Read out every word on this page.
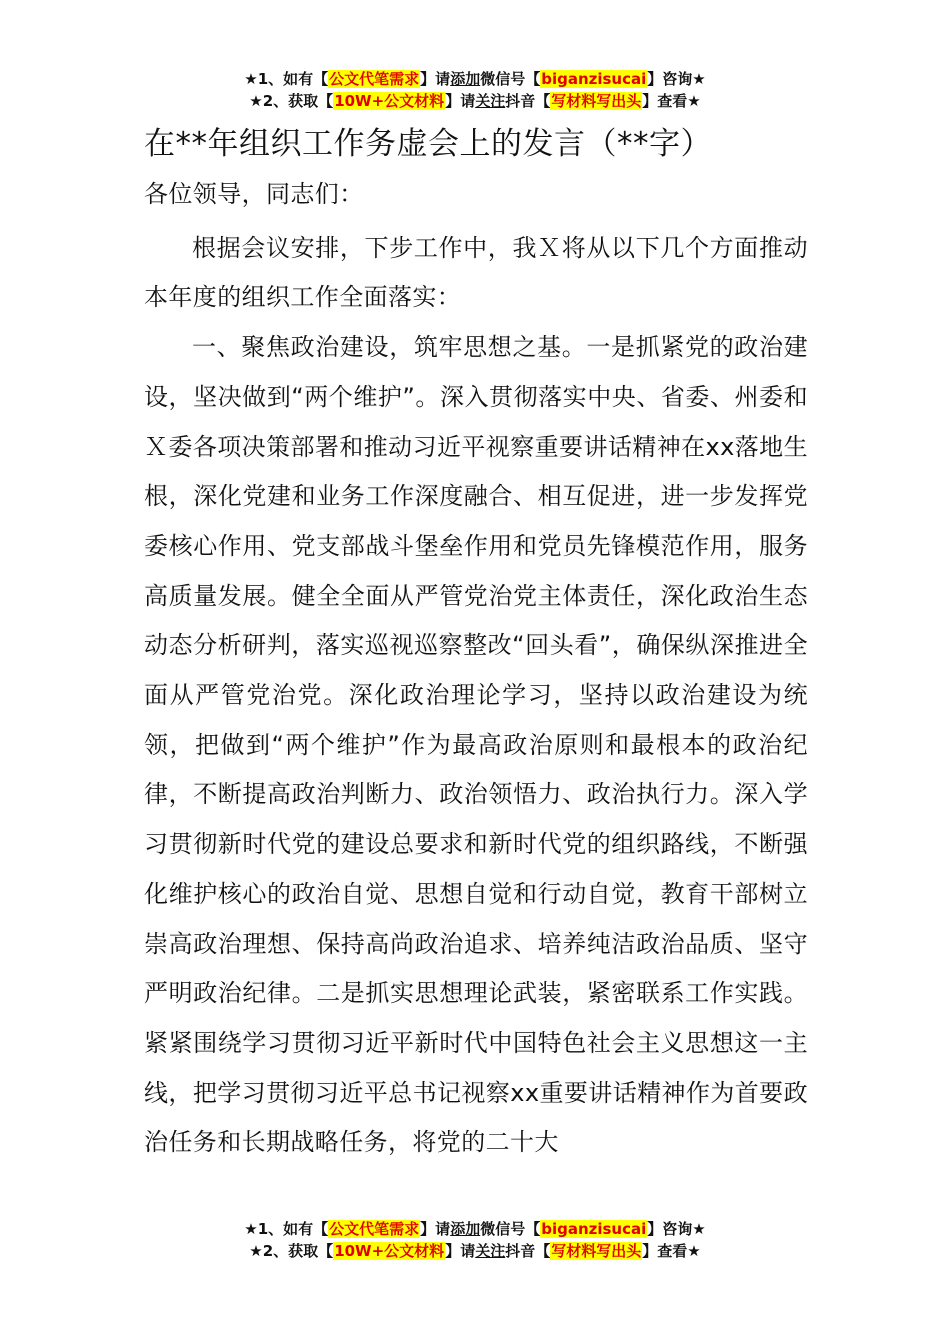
★1、如有【公文代笔需求】请添加微信号【biganzisucai】咨询★
★2、获取【10W+公文材料】请关注抖音【写材料写出头】查看★
在**年组织工作务虚会上的发言（**字）

各位领导，同志们：

根据会议安排，下步工作中，我Ｘ将从以下几个方面推动本年度的组织工作全面落实：

一、聚焦政治建设，筑牢思想之基。一是抓紧党的政治建设，坚决做到“两个维护”。深入贯彻落实中央、省委、州委和Ｘ委各项决策部署和推动习近平视察重要讲话精神在xx落地生根，深化党建和业务工作深度融合、相互促进，进一步发挥党委核心作用、党支部战斗堡垒作用和党员先锋模范作用，服务高质量发展。健全全面从严管党治党主体责任，深化政治生态动态分析研判，落实巡视巡察整改“回头看”，确保纵深推进全面从严管党治党。深化政治理论学习，坚持以政治建设为统领，把做到“两个维护”作为最高政治原则和最根本的政治纪律，不断提高政治判断力、政治领悟力、政治执行力。深入学习贯彻新时代党的建设总要求和新时代党的组织路线，不断强化维护核心的政治自觉、思想自觉和行动自觉，教育干部树立崇高政治理想、保持高尚政治追求、培养纯洁政治品质、坚守严明政治纪律。二是抓实思想理论武装，紧密联系工作实践。紧紧围绕学习贯彻习近平新时代中国特色社会主义思想这一主线，把学习贯彻习近平总书记视察xx重要讲话精神作为首要政治任务和长期战略任务，将党的二十大

★1、如有【公文代笔需求】请添加微信号【biganzisucai】咨询★
★2、获取【10W+公文材料】请关注抖音【写材料写出头】查看★
